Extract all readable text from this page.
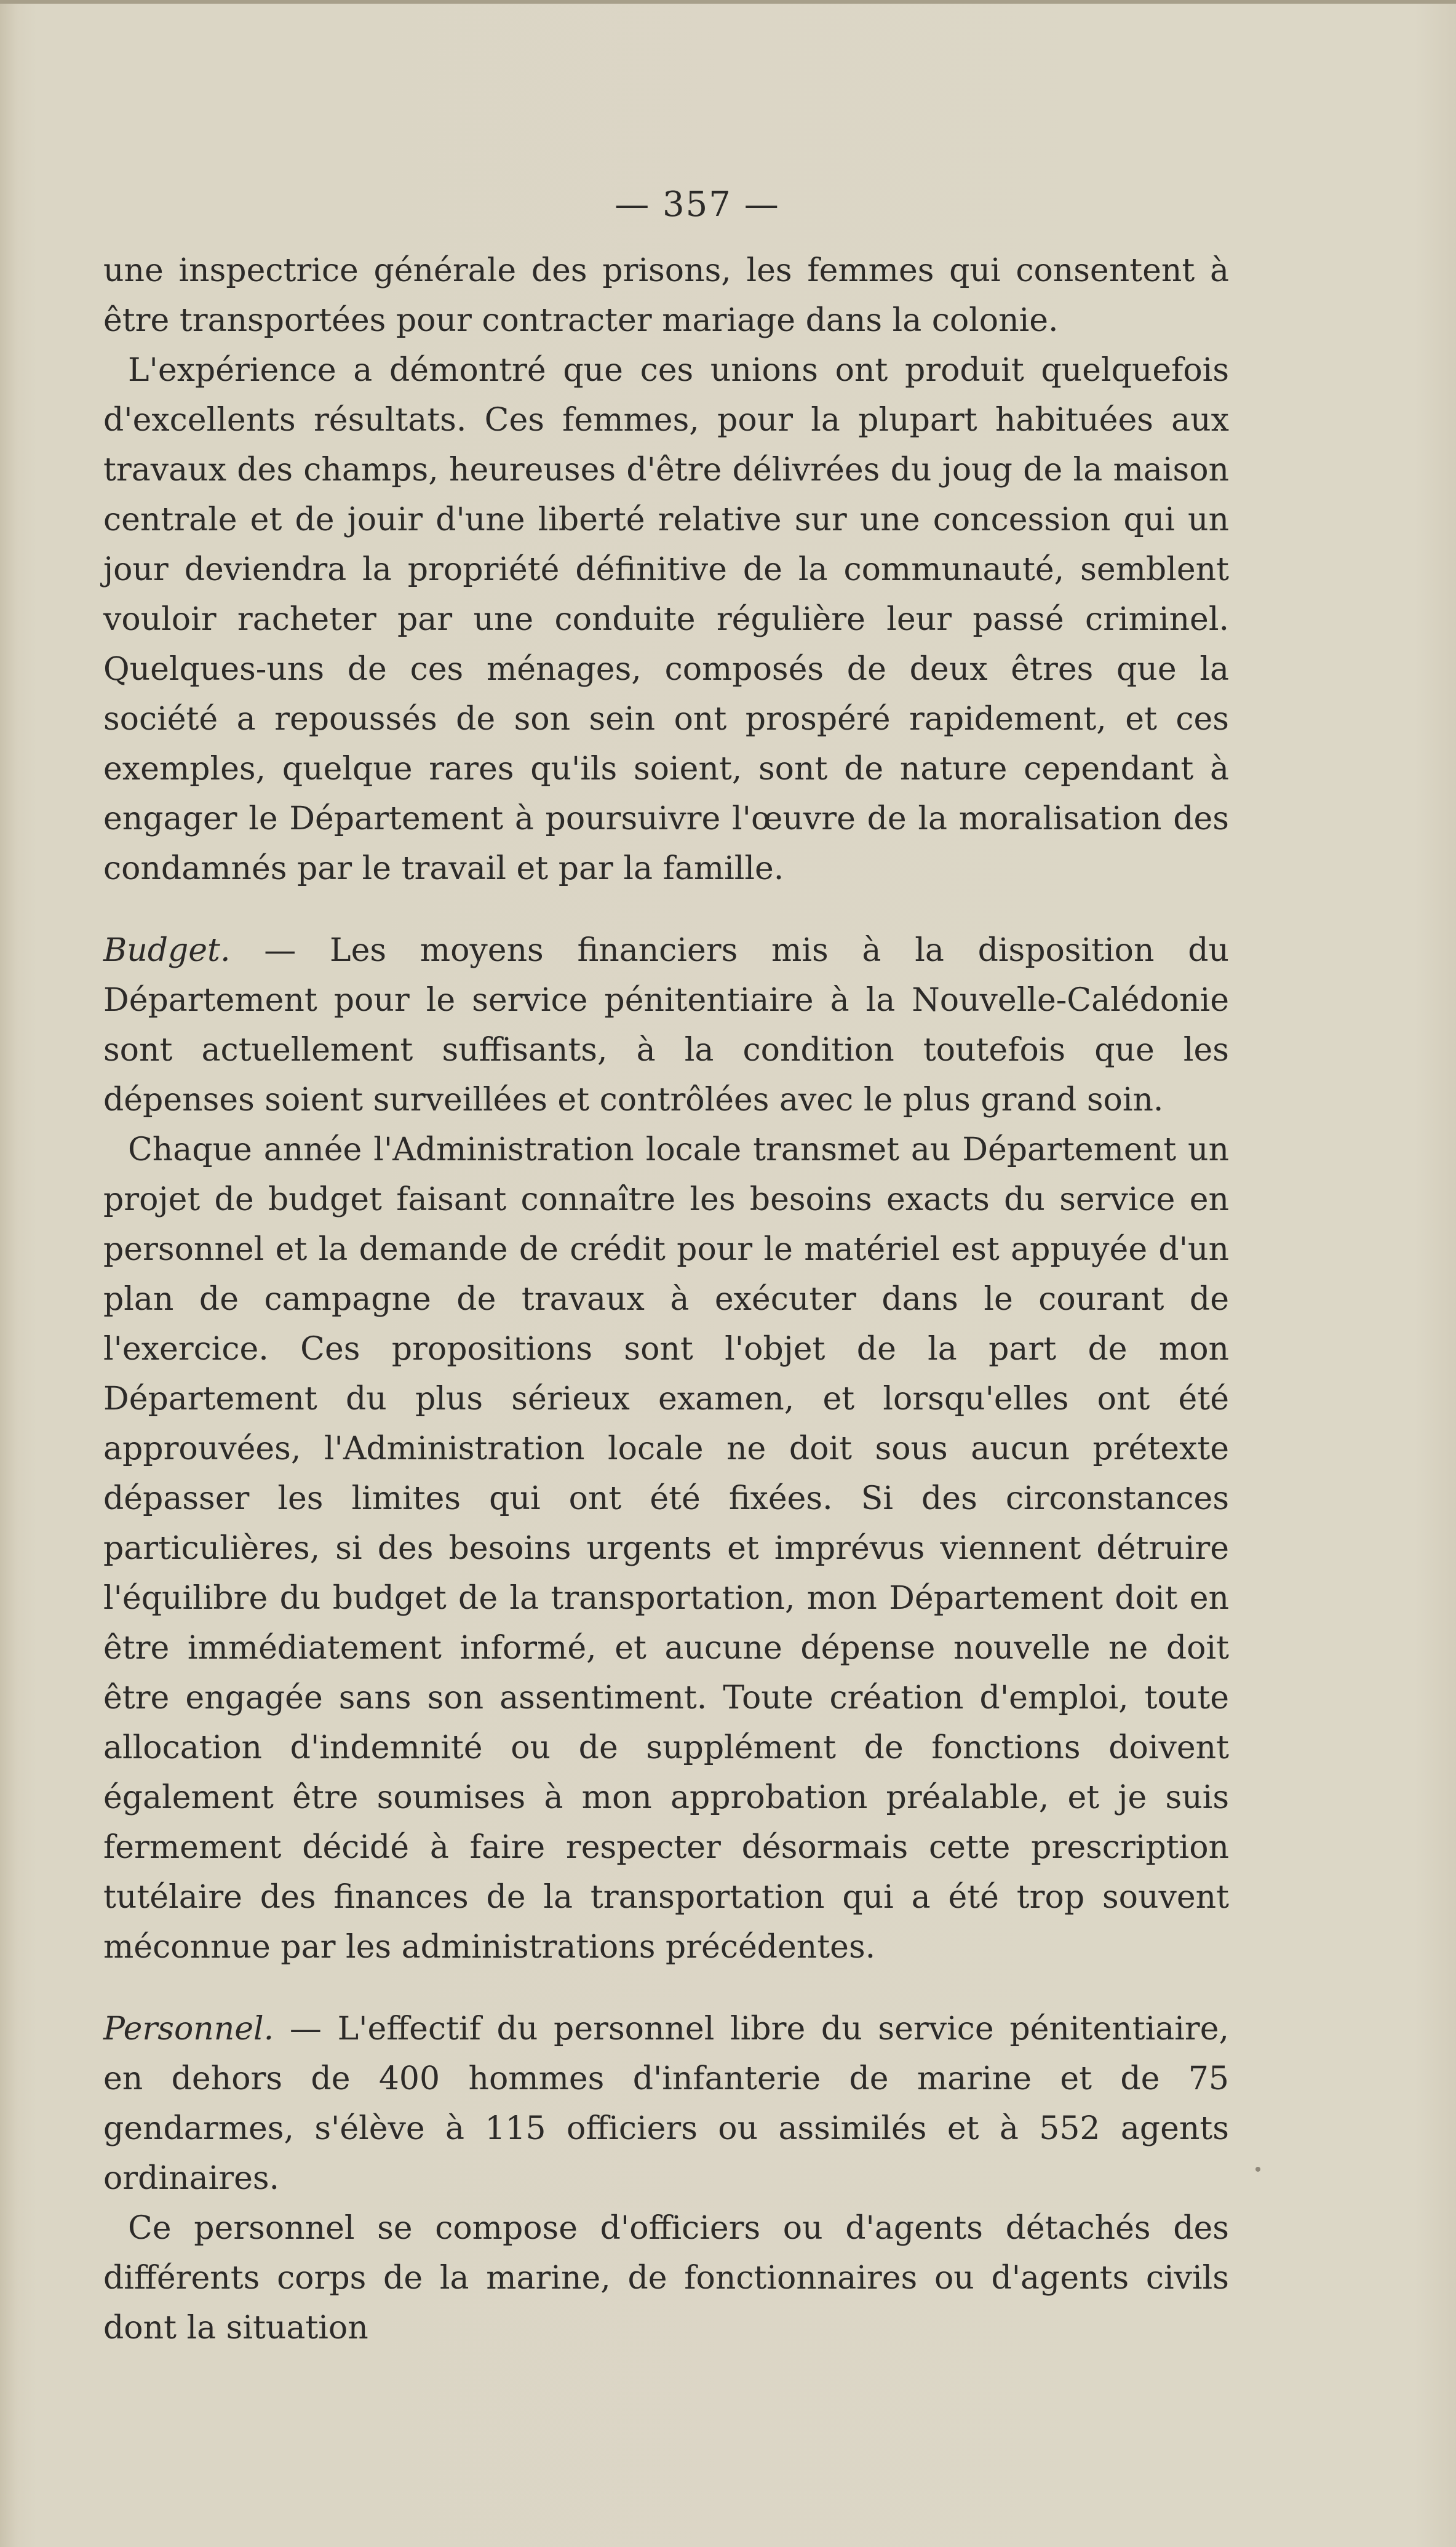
— 357 —

une inspectrice générale des prisons, les femmes qui consentent à être transportées pour contracter mariage dans la colonie.

L'expérience a démontré que ces unions ont produit quelquefois d'excellents résultats. Ces femmes, pour la plupart habituées aux travaux des champs, heureuses d'être délivrées du joug de la maison centrale et de jouir d'une liberté relative sur une concession qui un jour deviendra la propriété définitive de la communauté, semblent vouloir racheter par une conduite régulière leur passé criminel. Quelques-uns de ces ménages, composés de deux êtres que la société a repoussés de son sein ont prospéré rapidement, et ces exemples, quelque rares qu'ils soient, sont de nature cependant à engager le Département à poursuivre l'œuvre de la moralisation des condamnés par le travail et par la famille.

Budget. — Les moyens financiers mis à la disposition du Département pour le service pénitentiaire à la Nouvelle-Calédonie sont actuellement suffisants, à la condition toutefois que les dépenses soient surveillées et contrôlées avec le plus grand soin.

Chaque année l'Administration locale transmet au Département un projet de budget faisant connaître les besoins exacts du service en personnel et la demande de crédit pour le matériel est appuyée d'un plan de campagne de travaux à exécuter dans le courant de l'exercice. Ces propositions sont l'objet de la part de mon Département du plus sérieux examen, et lorsqu'elles ont été approuvées, l'Administration locale ne doit sous aucun prétexte dépasser les limites qui ont été fixées. Si des circonstances particulières, si des besoins urgents et imprévus viennent détruire l'équilibre du budget de la transportation, mon Département doit en être immédiatement informé, et aucune dépense nouvelle ne doit être engagée sans son assentiment. Toute création d'emploi, toute allocation d'indemnité ou de supplément de fonctions doivent également être soumises à mon approbation préalable, et je suis fermement décidé à faire respecter désormais cette prescription tutélaire des finances de la transportation qui a été trop souvent méconnue par les administrations précédentes.

Personnel. — L'effectif du personnel libre du service pénitentiaire, en dehors de 400 hommes d'infanterie de marine et de 75 gendarmes, s'élève à 115 officiers ou assimilés et à 552 agents ordinaires.

Ce personnel se compose d'officiers ou d'agents détachés des différents corps de la marine, de fonctionnaires ou d'agents civils dont la situation
